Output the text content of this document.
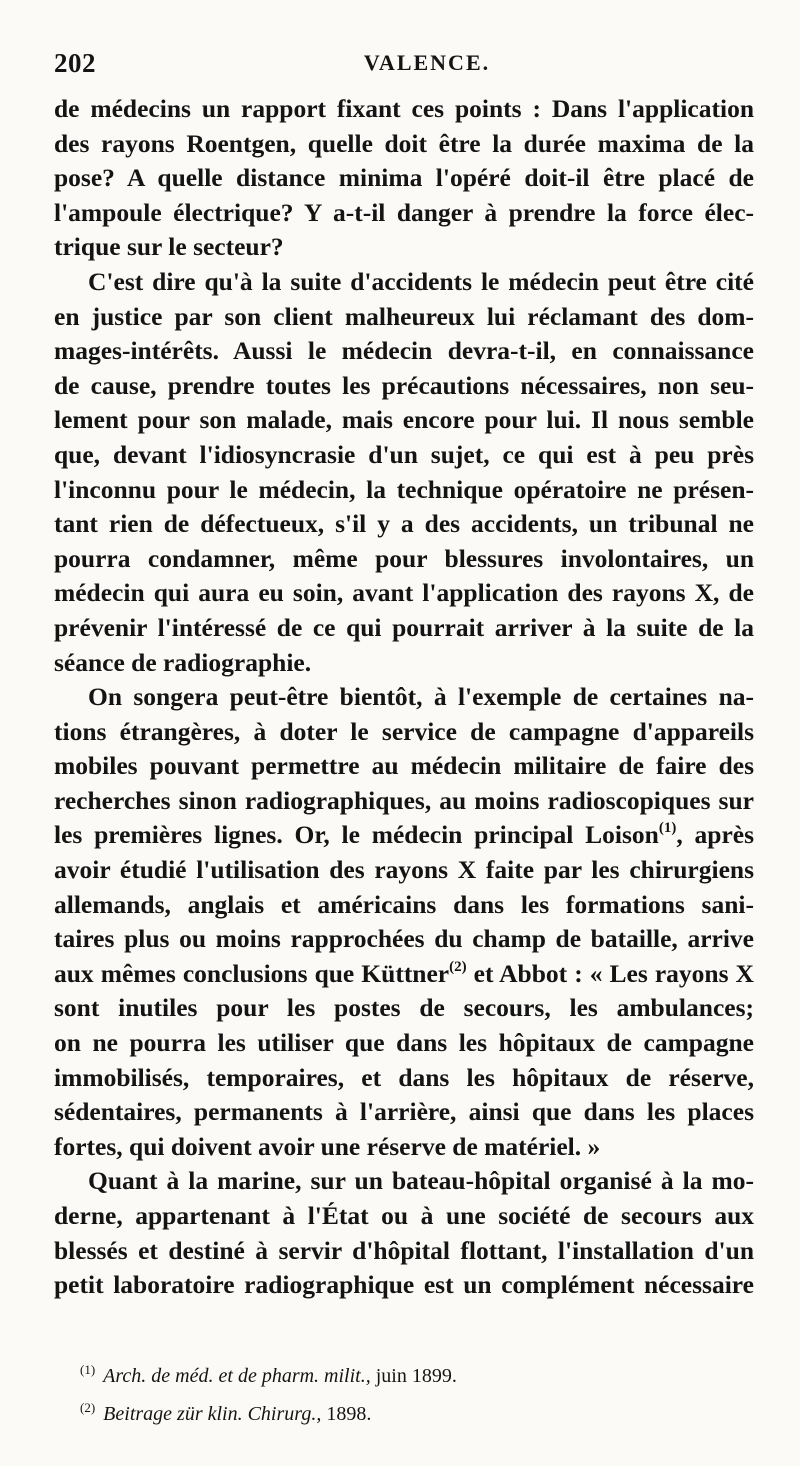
202	VALENCE.
de médecins un rapport fixant ces points : Dans l'application
des rayons Roentgen, quelle doit être la durée maxima de la
pose? A quelle distance minima l'opéré doit-il être placé de
l'ampoule électrique? Y a-t-il danger à prendre la force élec-
trique sur le secteur?
C'est dire qu'à la suite d'accidents le médecin peut être cité
en justice par son client malheureux lui réclamant des dom-
mages-intérêts. Aussi le médecin devra-t-il, en connaissance
de cause, prendre toutes les précautions nécessaires, non seu-
lement pour son malade, mais encore pour lui. Il nous semble
que, devant l'idiosyncrasie d'un sujet, ce qui est à peu près
l'inconnu pour le médecin, la technique opératoire ne présen-
tant rien de défectueux, s'il y a des accidents, un tribunal ne
pourra condamner, même pour blessures involontaires, un
médecin qui aura eu soin, avant l'application des rayons X, de
prévenir l'intéressé de ce qui pourrait arriver à la suite de la
séance de radiographie.
On songera peut-être bientôt, à l'exemple de certaines na-
tions étrangères, à doter le service de campagne d'appareils
mobiles pouvant permettre au médecin militaire de faire des
recherches sinon radiographiques, au moins radioscopiques sur
les premières lignes. Or, le médecin principal Loison$^{(1)}$, après
avoir étudié l'utilisation des rayons X faite par les chirurgiens
allemands, anglais et américains dans les formations sani-
taires plus ou moins rapprochées du champ de bataille, arrive
aux mêmes conclusions que Küttner$^{(2)}$ et Abbot : « Les rayons X
sont inutiles pour les postes de secours, les ambulances;
on ne pourra les utiliser que dans les hôpitaux de campagne
immobilisés, temporaires, et dans les hôpitaux de réserve,
sédentaires, permanents à l'arrière, ainsi que dans les places
fortes, qui doivent avoir une réserve de matériel. »
Quant à la marine, sur un bateau-hôpital organisé à la mo-
derne, appartenant à l'État ou à une société de secours aux
blessés et destiné à servir d'hôpital flottant, l'installation d'un
petit laboratoire radiographique est un complément nécessaire
$^{(1)}$ Arch. de méd. et de pharm. milit., juin 1899.
$^{(2)}$ Beitrage zür klin. Chirurg., 1898.
